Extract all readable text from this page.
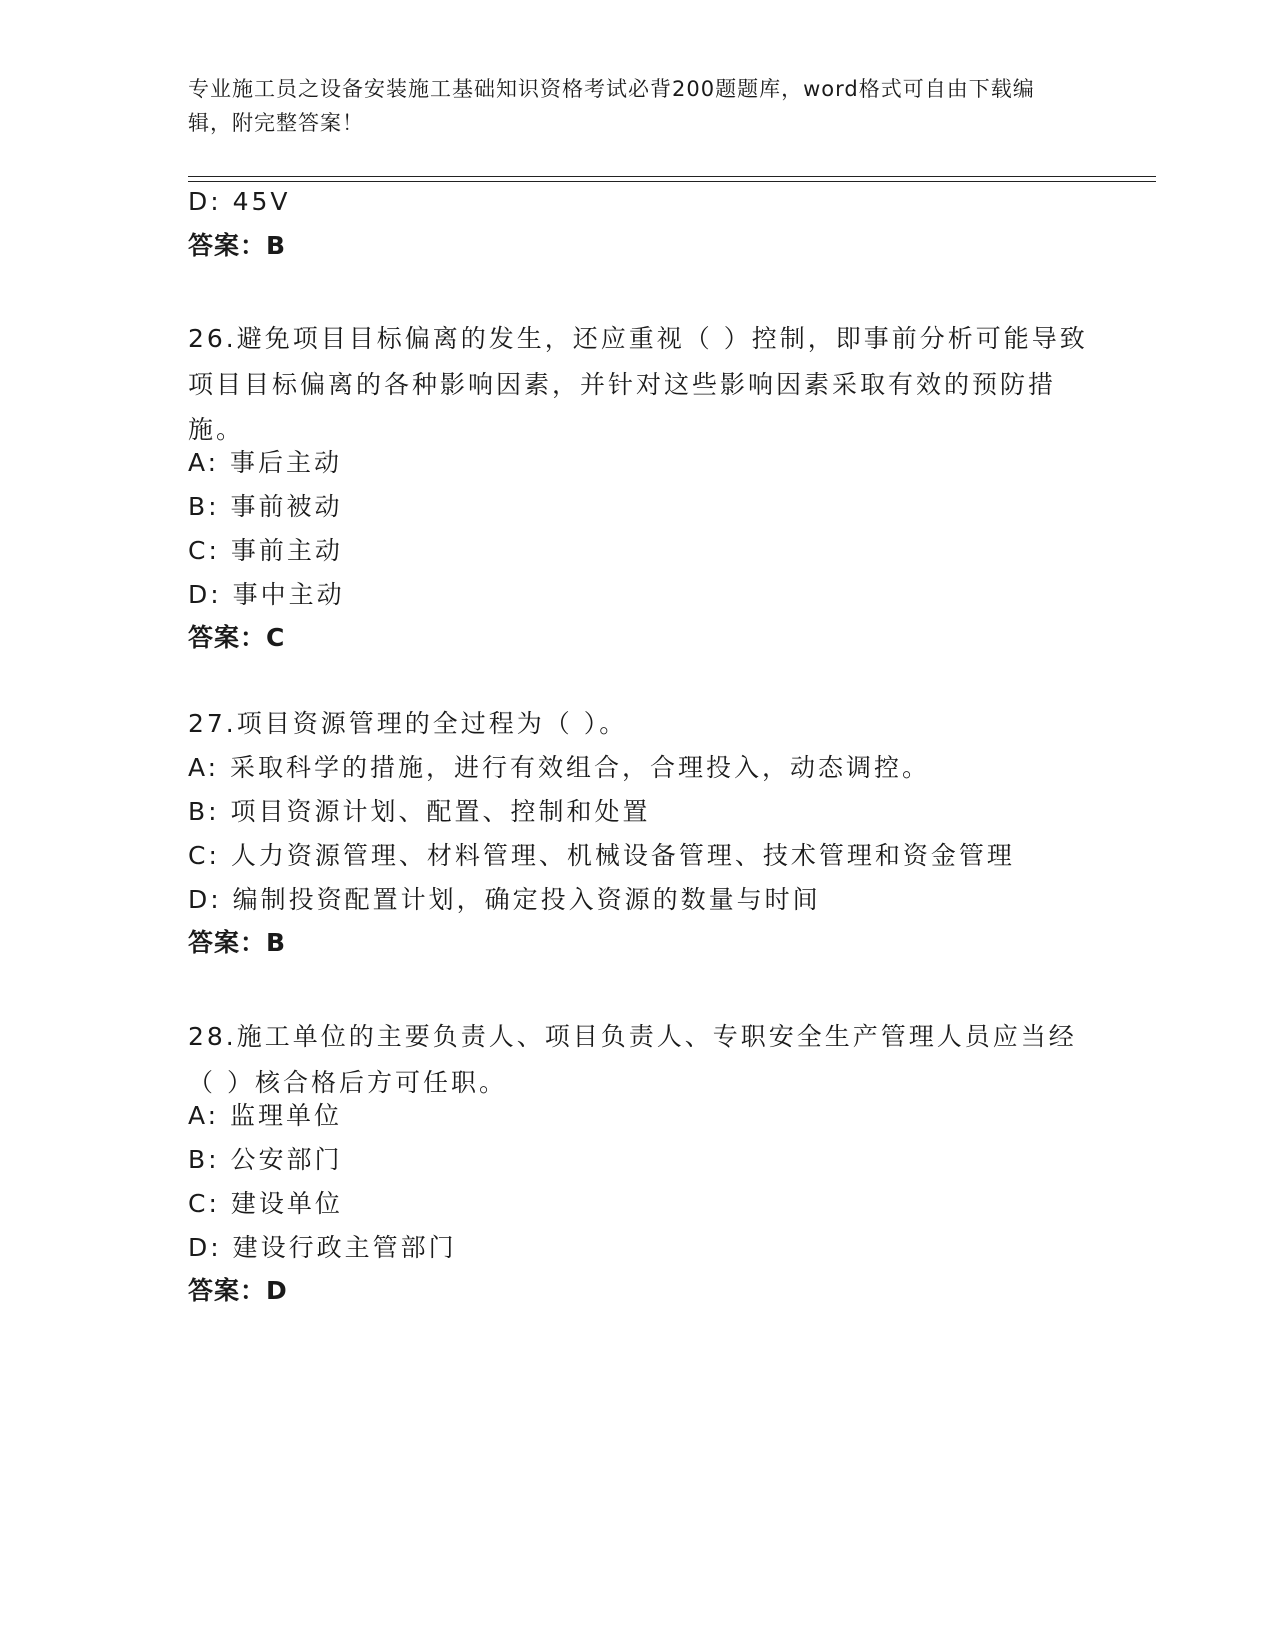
专业施工员之设备安装施工基础知识资格考试必背200题题库，word格式可自由下载编辑，附完整答案！
D: 45V
答案：B
26.避免项目目标偏离的发生，还应重视（ ）控制，即事前分析可能导致项目目标偏离的各种影响因素，并针对这些影响因素采取有效的预防措施。
A: 事后主动
B: 事前被动
C: 事前主动
D: 事中主动
答案：C
27.项目资源管理的全过程为（ ）。
A: 采取科学的措施，进行有效组合，合理投入，动态调控。
B: 项目资源计划、配置、控制和处置
C: 人力资源管理、材料管理、机械设备管理、技术管理和资金管理
D: 编制投资配置计划，确定投入资源的数量与时间
答案：B
28.施工单位的主要负责人、项目负责人、专职安全生产管理人员应当经（ ）核合格后方可任职。
A: 监理单位
B: 公安部门
C: 建设单位
D: 建设行政主管部门
答案：D
